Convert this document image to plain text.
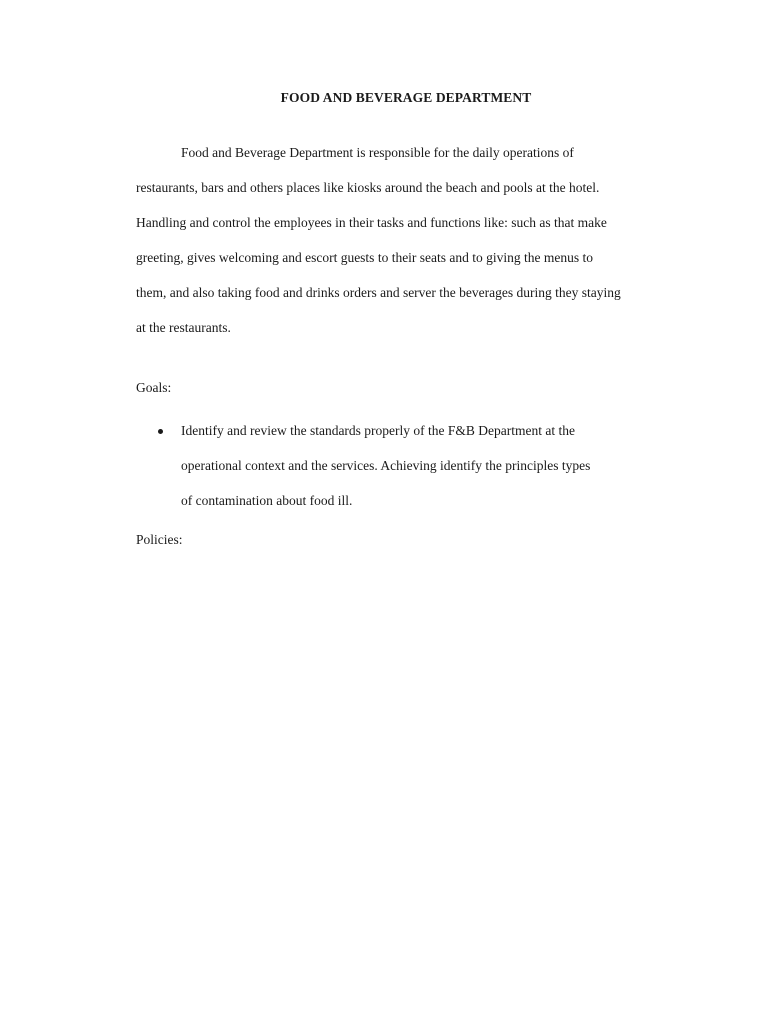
FOOD AND BEVERAGE DEPARTMENT

Food and Beverage Department is responsible for the daily operations of
restaurants, bars and others places like kiosks around the beach and pools at the hotel.
Handling and control the employees in their tasks and functions like: such as that make
greeting, gives welcoming and escort guests to their seats and to giving the menus to
them, and also taking food and drinks orders and server the beverages during they staying
at the restaurants.

Goals:
Identify and review the standards properly of the F&B Department at the
operational context and the services. Achieving identify the principles types
of contamination about food ill.
Policies:
